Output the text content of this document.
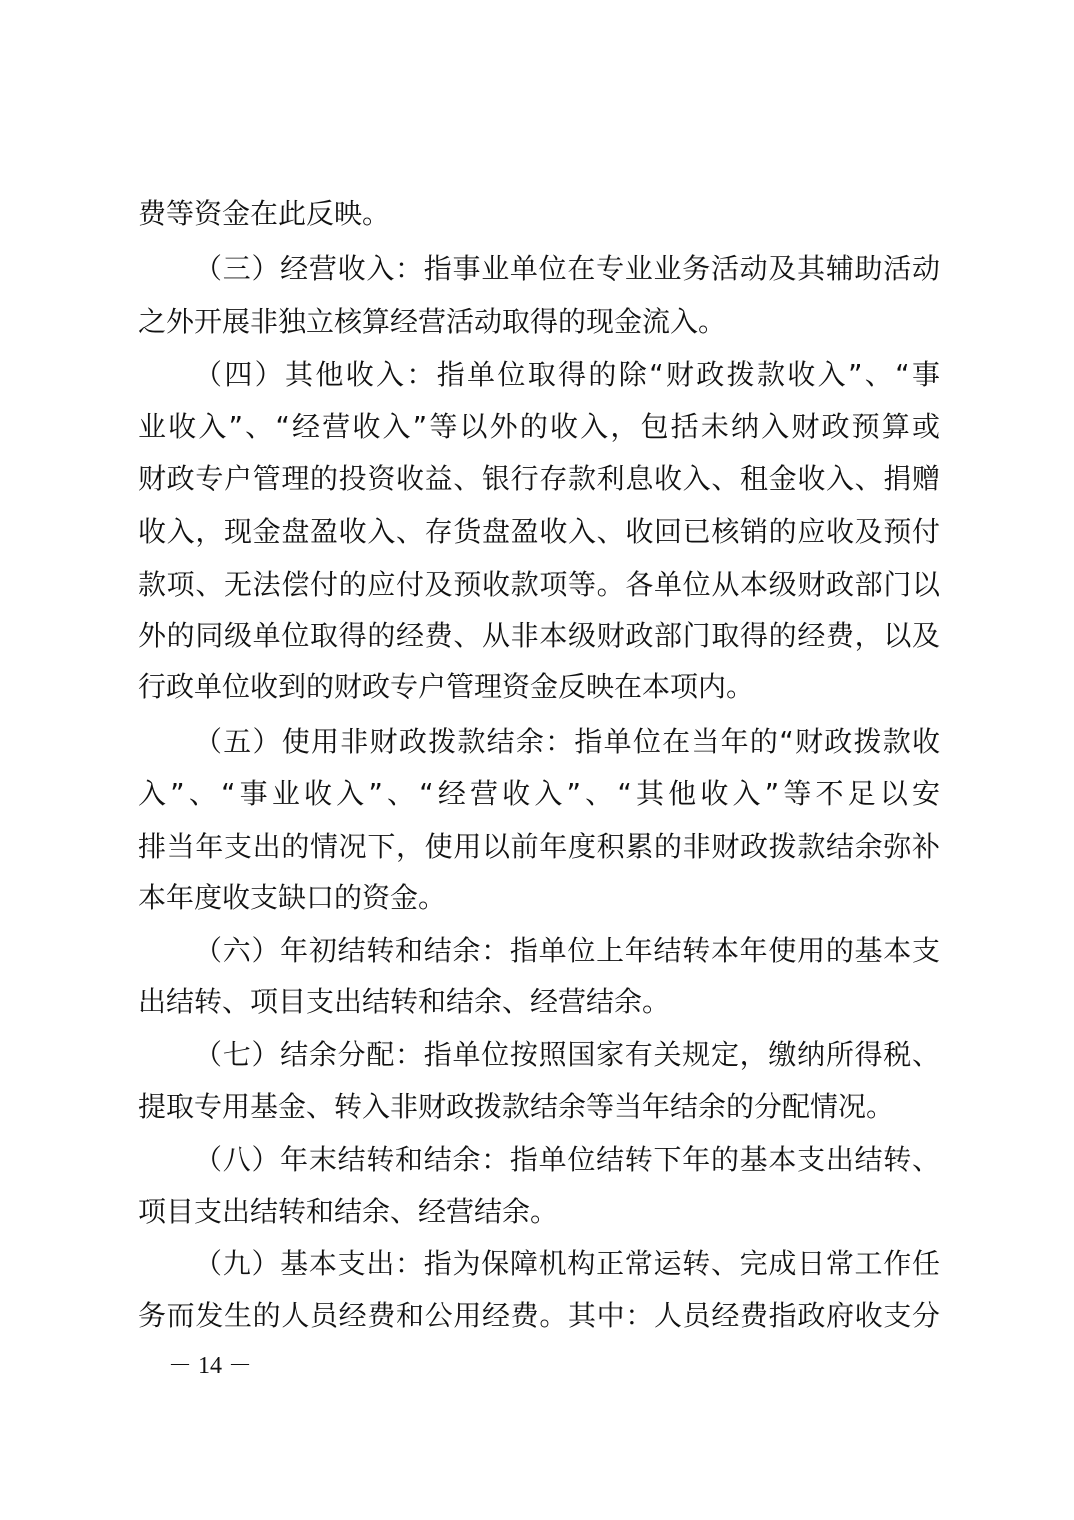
费等资金在此反映。
（三）经营收入：指事业单位在专业业务活动及其辅助活动
之外开展非独立核算经营活动取得的现金流入。
（四）其他收入：指单位取得的除“财政拨款收入”、“事
业收入”、“经营收入”等以外的收入，包括未纳入财政预算或
财政专户管理的投资收益、银行存款利息收入、租金收入、捐赠
收入，现金盘盈收入、存货盘盈收入、收回已核销的应收及预付
款项、无法偿付的应付及预收款项等。各单位从本级财政部门以
外的同级单位取得的经费、从非本级财政部门取得的经费，以及
行政单位收到的财政专户管理资金反映在本项内。
（五）使用非财政拨款结余：指单位在当年的“财政拨款收
入”、“事业收入”、“经营收入”、“其他收入”等不足以安
排当年支出的情况下，使用以前年度积累的非财政拨款结余弥补
本年度收支缺口的资金。
（六）年初结转和结余：指单位上年结转本年使用的基本支
出结转、项目支出结转和结余、经营结余。
（七）结余分配：指单位按照国家有关规定，缴纳所得税、
提取专用基金、转入非财政拨款结余等当年结余的分配情况。
（八）年末结转和结余：指单位结转下年的基本支出结转、
项目支出结转和结余、经营结余。
（九）基本支出：指为保障机构正常运转、完成日常工作任
务而发生的人员经费和公用经费。其中：人员经费指政府收支分
－ 14 －
